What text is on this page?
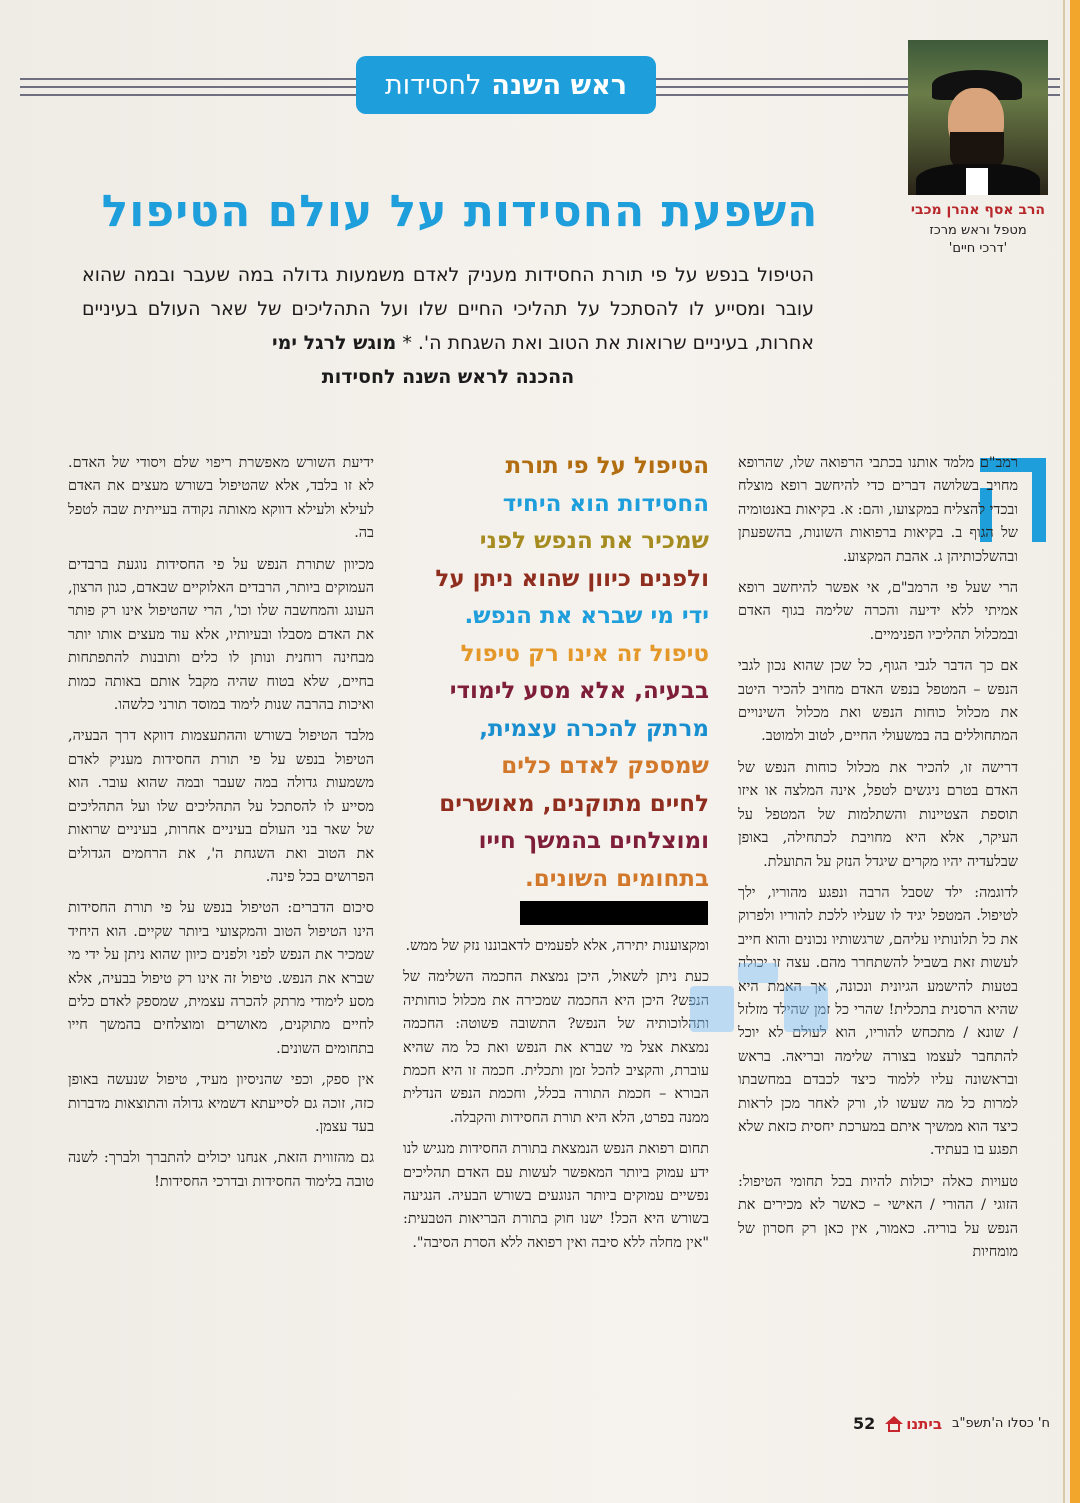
ראש השנה
לחסידות
הרב אסף אהרן מכבי
מטפל וראש מרכז
'דרכי חיים'
השפעת החסידות על עולם הטיפול
הטיפול בנפש על פי תורת החסידות מעניק לאדם משמעות גדולה במה שעבר ובמה שהוא עובר ומסייע לו להסתכל על תהליכי החיים שלו ועל התהליכים של שאר העולם בעיניים אחרות, בעיניים שרואות את הטוב ואת השגחת ה'. * מוגש לרגל ימי
ההכנה לראש השנה לחסידות

רמב"ם מלמד אותנו בכתבי הרפואה שלו, שהרופא מחויב בשלושה דברים כדי להיחשב רופא מוצלח ובכדי להצליח במקצועו, והם: א. בקיאות באנטומיה של הגוף ב. בקיאות ברפואות השונות, בהשפעתן ובהשלכותיהן ג. אהבת המקצוע.

הרי שעל פי הרמב"ם, אי אפשר להיחשב רופא אמיתי ללא ידיעה והכרה שלימה בגוף האדם ובמכלול תהליכיו הפנימיים.

אם כך הדבר לגבי הגוף, כל שכן שהוא נכון לגבי הנפש – המטפל בנפש האדם מחויב להכיר היטב את מכלול כוחות הנפש ואת מכלול השינויים המתחוללים בה במשעולי החיים, לטוב ולמוטב.

דרישה זו, להכיר את מכלול כוחות הנפש של האדם בטרם ניגשים לטפל, אינה המלצה או איזו תוספת הצטיינות והשתלמות של המטפל על העיקר, אלא היא מחויבת לכתחילה, באופן שבלעדיה יהיו מקרים שיגדל הנזק על התועלת.

לדוגמה: ילד שסבל הרבה ונפגע מהוריו, ילך לטיפול. המטפל יגיד לו שעליו ללכת להוריו ולפרוק את כל תלונותיו עליהם, שרגשותיו נכונים והוא חייב לעשות זאת בשביל להשתחרר מהם. עצה זו יכולה בטעות להישמע הגיונית ונכונה, אך האמת היא שהיא הרסנית בתכלית! שהרי כל זמן שהילד מזלזל / שונא / מתכחש להוריו, הוא לעולם לא יוכל להתחבר לעצמו בצורה שלימה ובריאה. בראש ובראשונה עליו ללמוד כיצד לכבדם במחשבתו למרות כל מה שעשו לו, ורק לאחר מכן לראות כיצד הוא ממשיך איתם במערכת יחסית כזאת שלא תפגע בו בעתיד.

טעויות כאלה יכולות להיות בכל תחומי הטיפול: הזוגי / ההורי / האישי – כאשר לא מכירים את הנפש על בוריה. כאמור, אין כאן רק חסרון של מומחיות

הטיפול על פי תורת
החסידות הוא היחיד
שמכיר את הנפש לפני
ולפנים כיוון שהוא ניתן על
ידי מי שברא את הנפש.
טיפול זה אינו רק טיפול
בבעיה, אלא מסע לימודי
מרתק להכרה עצמית,
שמספק לאדם כלים
לחיים מתוקנים, מאושרים
ומוצלחים בהמשך חייו
בתחומים השונים.

ומקצוענות יתירה, אלא לפעמים לדאבוננו נזק של ממש.

כעת ניתן לשאול, היכן נמצאת החכמה השלימה של הנפש? היכן היא החכמה שמכירה את מכלול כוחותיה ותהלוכותיה של הנפש? התשובה פשוטה: החכמה נמצאת אצל מי שברא את הנפש ואת כל מה שהיא עוברת, והקציב להכל זמן ותכלית. חכמה זו היא חכמת הבורא – חכמת התורה בכלל, וחכמת הנפש הנדלית ממנה בפרט, הלא היא תורת החסידות והקבלה.

תחום רפואת הנפש הנמצאת בתורת החסידות מנגיש לנו ידע עמוק ביותר המאפשר לעשות עם האדם תהליכים נפשיים עמוקים ביותר הנוגעים בשורש הבעיה. הנגיעה בשורש היא הכל! ישנו חוק בתורת הבריאות הטבעית: "אין מחלה ללא סיבה ואין רפואה ללא הסרת הסיבה".

ידיעת השורש מאפשרת ריפוי שלם ויסודי של האדם. לא זו בלבד, אלא שהטיפול בשורש מעצים את האדם לעילא ולעילא דווקא מאותה נקודה בעייתית שבה לטפל בה.

מכיוון שתורת הנפש על פי החסידות נוגעת ברבדים העמוקים ביותר, הרבדים האלוקיים שבאדם, כגון הרצון, העונג והמחשבה שלו וכו', הרי שהטיפול אינו רק פותר את האדם מסבלו ובעיותיו, אלא עוד מעצים אותו יותר מבחינה רוחנית ונותן לו כלים ותובנות להתפתחות בחיים, שלא בטוח שהיה מקבל אותם באותה כמות ואיכות בהרבה שנות לימוד במוסד תורני כלשהו.

מלבד הטיפול בשורש וההתעצמות דווקא דרך הבעיה, הטיפול בנפש על פי תורת החסידות מעניק לאדם משמעות גדולה במה שעבר ובמה שהוא עובר. הוא מסייע לו להסתכל על התהליכים שלו ועל התהליכים של שאר בני העולם בעיניים אחרות, בעיניים שרואות את הטוב ואת השגחת ה', את הרחמים הגדולים הפרושים בכל פינה.

סיכום הדברים: הטיפול בנפש על פי תורת החסידות הינו הטיפול הטוב והמקצועי ביותר שקיים. הוא היחיד שמכיר את הנפש לפני ולפנים כיוון שהוא ניתן על ידי מי שברא את הנפש. טיפול זה אינו רק טיפול בבעיה, אלא מסע לימודי מרתק להכרה עצמית, שמספק לאדם כלים לחיים מתוקנים, מאושרים ומוצלחים בהמשך חייו בתחומים השונים.

אין ספק, וכפי שהניסיון מעיד, טיפול שנעשה באופן כזה, זוכה גם לסייעתא דשמיא גדולה והתוצאות מדברות בעד עצמן.

גם מהזווית הזאת, אנחנו יכולים להתברך ולברך: לשנה טובה בלימוד החסידות ובדרכי החסידות!

ח' כסלו ה'תשפ"ב
ביתנו
52
